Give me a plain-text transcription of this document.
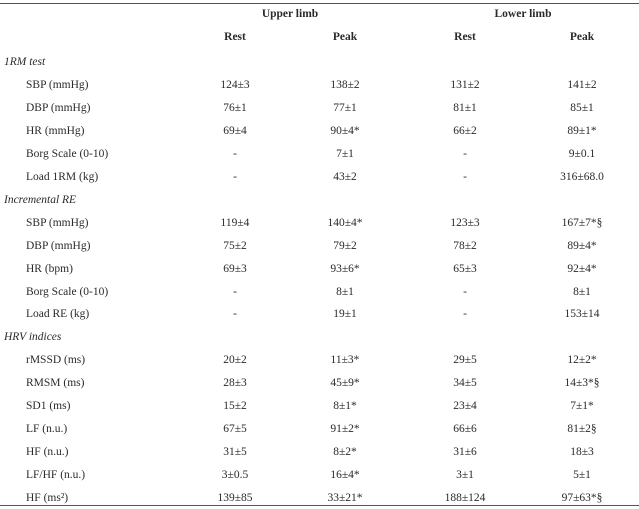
Upper limb	Lower limb
Rest	Peak	Rest	Peak
1RM test
SBP (mmHg)	124±3	138±2	131±2	141±2
DBP (mmHg)	76±1	77±1	81±1	85±1
HR (mmHg)	69±4	90±4*	66±2	89±1*
Borg Scale (0-10)	-	7±1	-	9±0.1
Load 1RM (kg)	-	43±2	-	316±68.0
Incremental RE
SBP (mmHg)	119±4	140±4*	123±3	167±7*§
DBP (mmHg)	75±2	79±2	78±2	89±4*
HR (bpm)	69±3	93±6*	65±3	92±4*
Borg Scale (0-10)	-	8±1	-	8±1
Load RE (kg)	-	19±1	-	153±14
HRV indices
rMSSD (ms)	20±2	11±3*	29±5	12±2*
RMSM (ms)	28±3	45±9*	34±5	14±3*§
SD1 (ms)	15±2	8±1*	23±4	7±1*
LF (n.u.)	67±5	91±2*	66±6	81±2§
HF (n.u.)	31±5	8±2*	31±6	18±3
LF/HF (n.u.)	3±0.5	16±4*	3±1	5±1
HF (ms²)	139±85	33±21*	188±124	97±63*§
